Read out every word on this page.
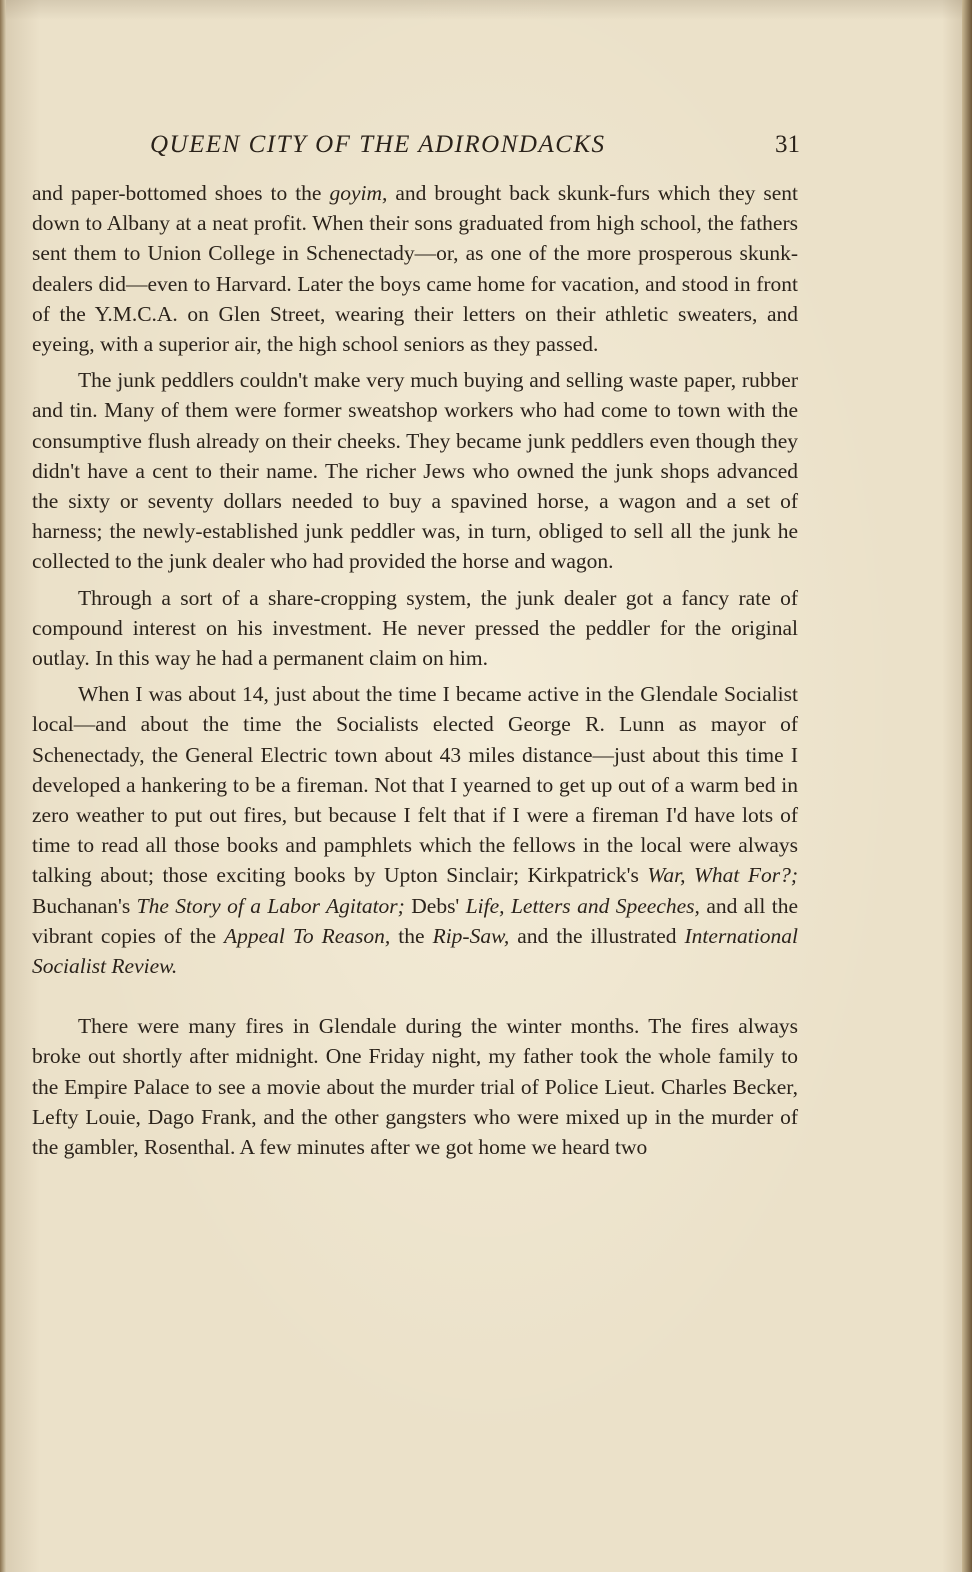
QUEEN CITY OF THE ADIRONDACKS	31

and paper-bottomed shoes to the goyim, and brought back skunk-furs which they sent down to Albany at a neat profit. When their sons graduated from high school, the fathers sent them to Union College in Schenectady—or, as one of the more prosperous skunk-dealers did—even to Harvard. Later the boys came home for vacation, and stood in front of the Y.M.C.A. on Glen Street, wearing their letters on their athletic sweaters, and eyeing, with a superior air, the high school seniors as they passed.

The junk peddlers couldn't make very much buying and selling waste paper, rubber and tin. Many of them were former sweatshop workers who had come to town with the consumptive flush already on their cheeks. They became junk peddlers even though they didn't have a cent to their name. The richer Jews who owned the junk shops advanced the sixty or seventy dollars needed to buy a spavined horse, a wagon and a set of harness; the newly-established junk peddler was, in turn, obliged to sell all the junk he collected to the junk dealer who had provided the horse and wagon.

Through a sort of a share-cropping system, the junk dealer got a fancy rate of compound interest on his investment. He never pressed the peddler for the original outlay. In this way he had a permanent claim on him.

When I was about 14, just about the time I became active in the Glendale Socialist local—and about the time the Socialists elected George R. Lunn as mayor of Schenectady, the General Electric town about 43 miles distance—just about this time I developed a hankering to be a fireman. Not that I yearned to get up out of a warm bed in zero weather to put out fires, but because I felt that if I were a fireman I'd have lots of time to read all those books and pamphlets which the fellows in the local were always talking about; those exciting books by Upton Sinclair; Kirkpatrick's War, What For?; Buchanan's The Story of a Labor Agitator; Debs' Life, Letters and Speeches, and all the vibrant copies of the Appeal To Reason, the Rip-Saw, and the illustrated International Socialist Review.

There were many fires in Glendale during the winter months. The fires always broke out shortly after midnight. One Friday night, my father took the whole family to the Empire Palace to see a movie about the murder trial of Police Lieut. Charles Becker, Lefty Louie, Dago Frank, and the other gangsters who were mixed up in the murder of the gambler, Rosenthal. A few minutes after we got home we heard two
